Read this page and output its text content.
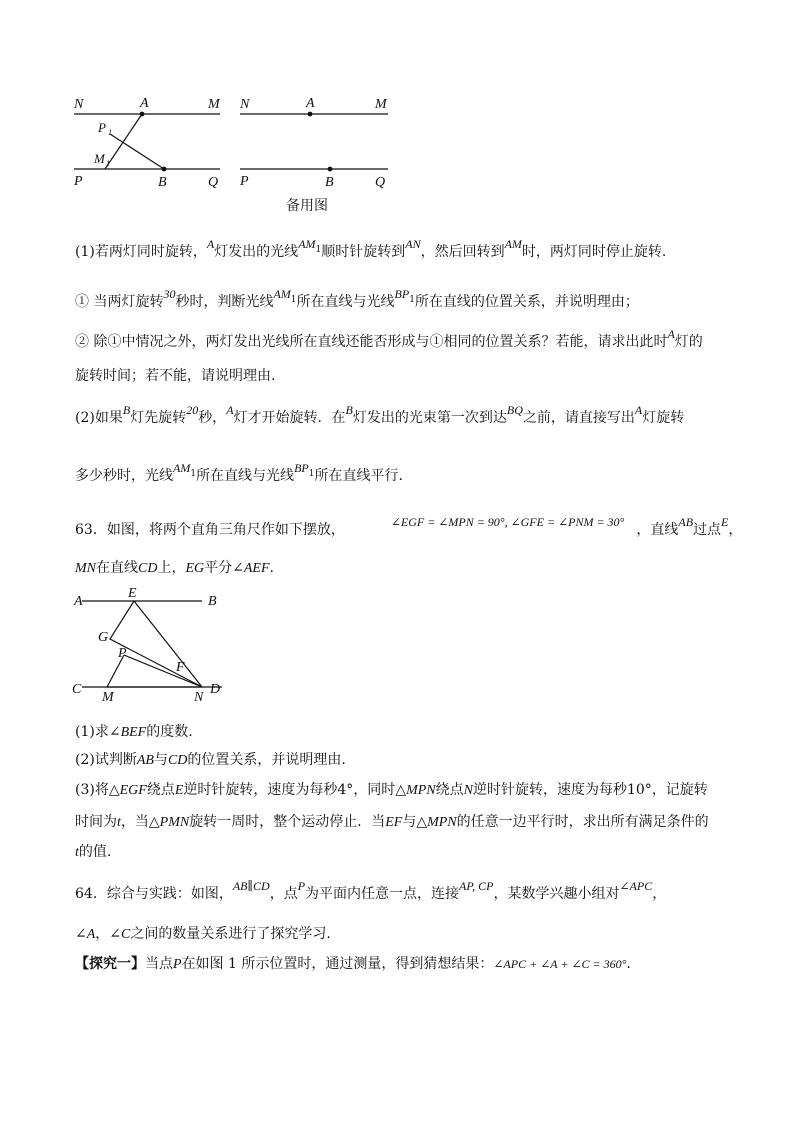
N	A	M
P 1
M 1
P	B	Q
N	A	M
P	B	Q
备用图
(1)若两灯同时旋转，A灯发出的光线$AM_1$顺时针旋转到AN，然后回转到AM时，两灯同时停止旋转.
① 当两灯旋转30秒时，判断光线$AM_1$所在直线与光线$BP_1$所在直线的位置关系，并说明理由；
② 除①中情况之外，两灯发出光线所在直线还能否形成与①相同的位置关系？若能，请求出此时A灯的
旋转时间；若不能，请说明理由.
(2)如果B灯先旋转20秒，A灯才开始旋转．在B灯发出的光束第一次到达BQ之前，请直接写出A灯旋转
多少秒时，光线$AM_1$所在直线与光线$BP_1$所在直线平行.
63．如图，将两个直角三角尺作如下摆放，	∠EGF = ∠MPN = 90°, ∠GFE = ∠PNM = 30° ，直线AB过点E，
MN在直线CD上，EG平分∠AEF.
A
E
B
G
P
F
C
M	N
D
(1)求∠BEF的度数.
(2)试判断AB与CD的位置关系，并说明理由.
(3)将△EGF绕点E逆时针旋转，速度为每秒4°，同时△MPN绕点N逆时针旋转，速度为每秒10°，记旋转
时间为t，当△PMN旋转一周时，整个运动停止．当EF与△MPN的任意一边平行时，求出所有满足条件的
t的值.
64．综合与实践：如图，AB∥CD，点P为平面内任意一点，连接AP, CP，某数学兴趣小组对∠APC，
∠A，∠C之间的数量关系进行了探究学习.
【探究一】当点P在如图 1 所示位置时，通过测量，得到猜想结果：∠APC + ∠A + ∠C = 360°.
